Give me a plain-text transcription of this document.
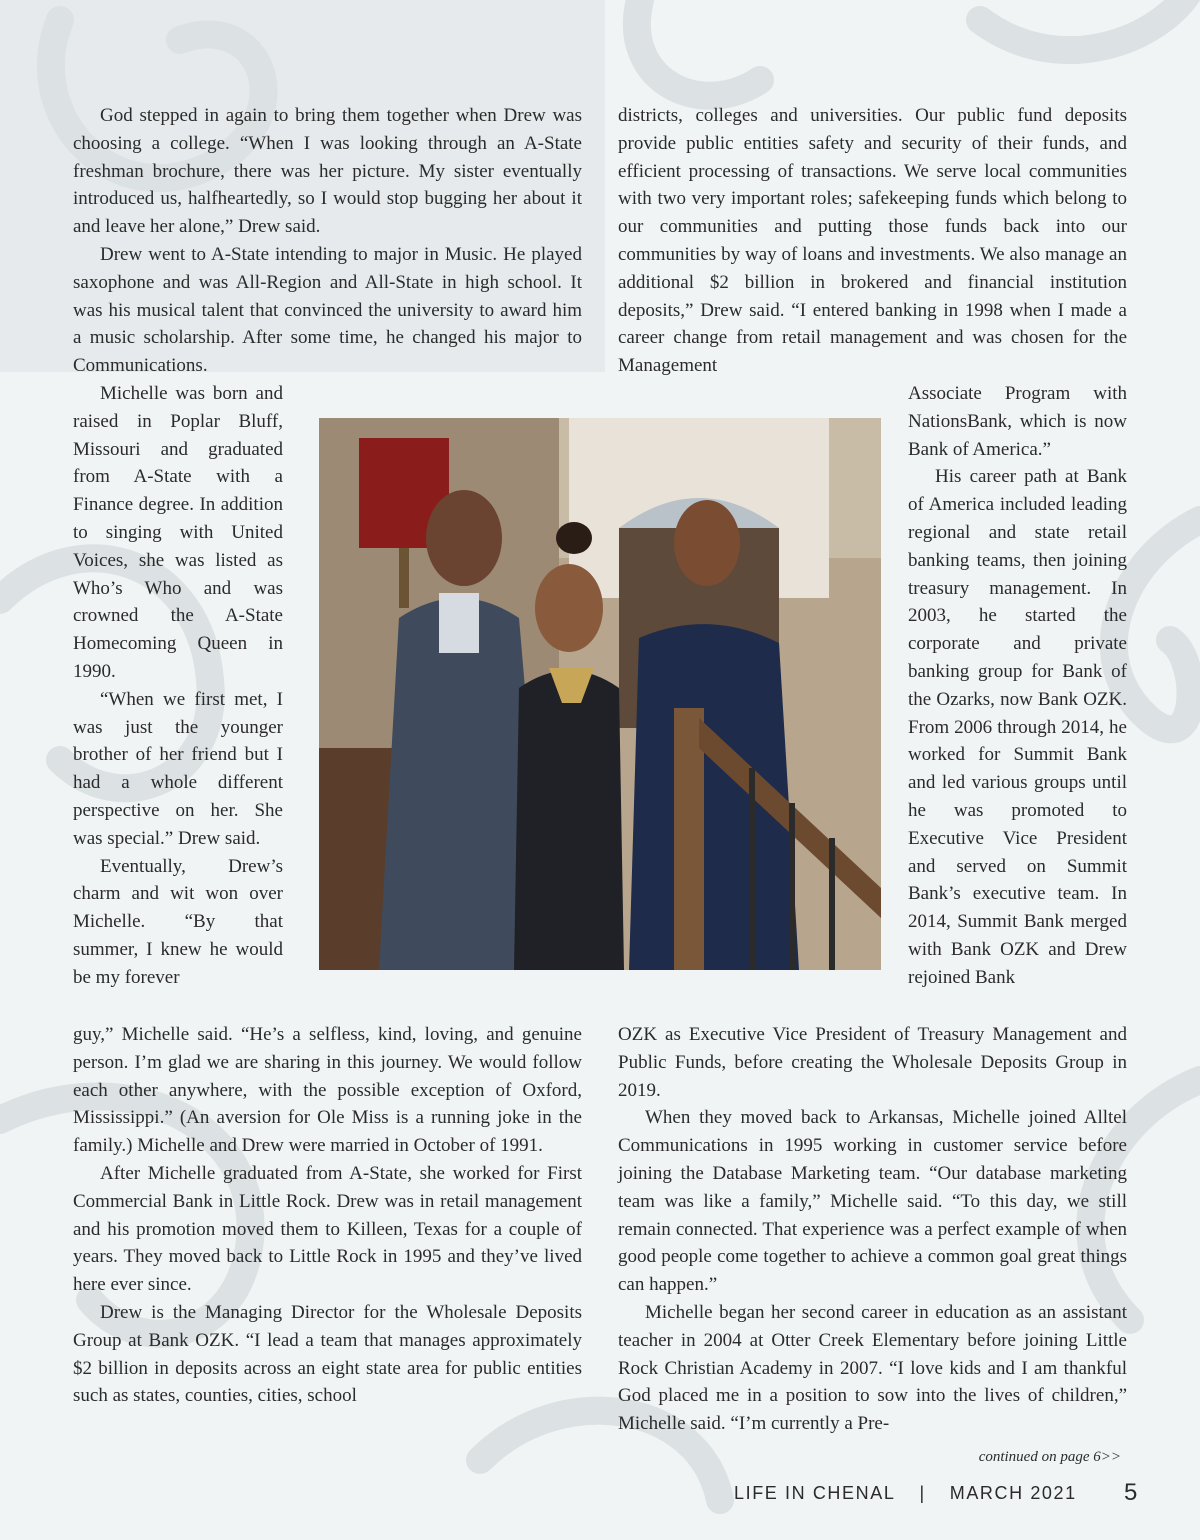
God stepped in again to bring them together when Drew was choosing a college. “When I was looking through an A-State freshman brochure, there was her picture. My sister eventually introduced us, halfheartedly, so I would stop bugging her about it and leave her alone,” Drew said.

Drew went to A-State intending to major in Music. He played saxophone and was All-Region and All-State in high school. It was his musical talent that convinced the university to award him a music scholarship. After some time, he changed his major to Communications.

Michelle was born and raised in Poplar Bluff, Missouri and graduated from A-State with a Finance degree. In addition to singing with United Voices, she was listed as Who’s Who and was crowned the A-State Homecoming Queen in 1990.

“When we first met, I was just the younger brother of her friend but I had a whole different perspective on her. She was special.” Drew said.

Eventually, Drew’s charm and wit won over Michelle. “By that summer, I knew he would be my forever

guy,” Michelle said. “He’s a selfless, kind, loving, and genuine person. I’m glad we are sharing in this journey. We would follow each other anywhere, with the possible exception of Oxford, Mississippi.” (An aversion for Ole Miss is a running joke in the family.) Michelle and Drew were married in October of 1991.

After Michelle graduated from A-State, she worked for First Commercial Bank in Little Rock. Drew was in retail management and his promotion moved them to Killeen, Texas for a couple of years. They moved back to Little Rock in 1995 and they’ve lived here ever since.

Drew is the Managing Director for the Wholesale Deposits Group at Bank OZK. “I lead a team that manages approximately $2 billion in deposits across an eight state area for public entities such as states, counties, cities, school

districts, colleges and universities. Our public fund deposits provide public entities safety and security of their funds, and efficient processing of transactions. We serve local communities with two very important roles; safekeeping funds which belong to our communities and putting those funds back into our communities by way of loans and investments. We also manage an additional $2 billion in brokered and financial institution deposits,” Drew said. “I entered banking in 1998 when I made a career change from retail management and was chosen for the Management

Associate Program with NationsBank, which is now Bank of America.”

His career path at Bank of America included leading regional and state retail banking teams, then joining treasury management. In 2003, he started the corporate and private banking group for Bank of the Ozarks, now Bank OZK. From 2006 through 2014, he worked for Summit Bank and led various groups until he was promoted to Executive Vice President and served on Summit Bank’s executive team. In 2014, Summit Bank merged with Bank OZK and Drew rejoined Bank

OZK as Executive Vice President of Treasury Management and Public Funds, before creating the Wholesale Deposits Group in 2019.

When they moved back to Arkansas, Michelle joined Alltel Communications in 1995 working in customer service before joining the Database Marketing team. “Our database marketing team was like a family,” Michelle said. “To this day, we still remain connected. That experience was a perfect example of when good people come together to achieve a common goal great things can happen.”

Michelle began her second career in education as an assistant teacher in 2004 at Otter Creek Elementary before joining Little Rock Christian Academy in 2007. “I love kids and I am thankful God placed me in a position to sow into the lives of children,” Michelle said. “I’m currently a Pre-

continued on page 6>>
LIFE IN CHENAL | MARCH 2021 5
